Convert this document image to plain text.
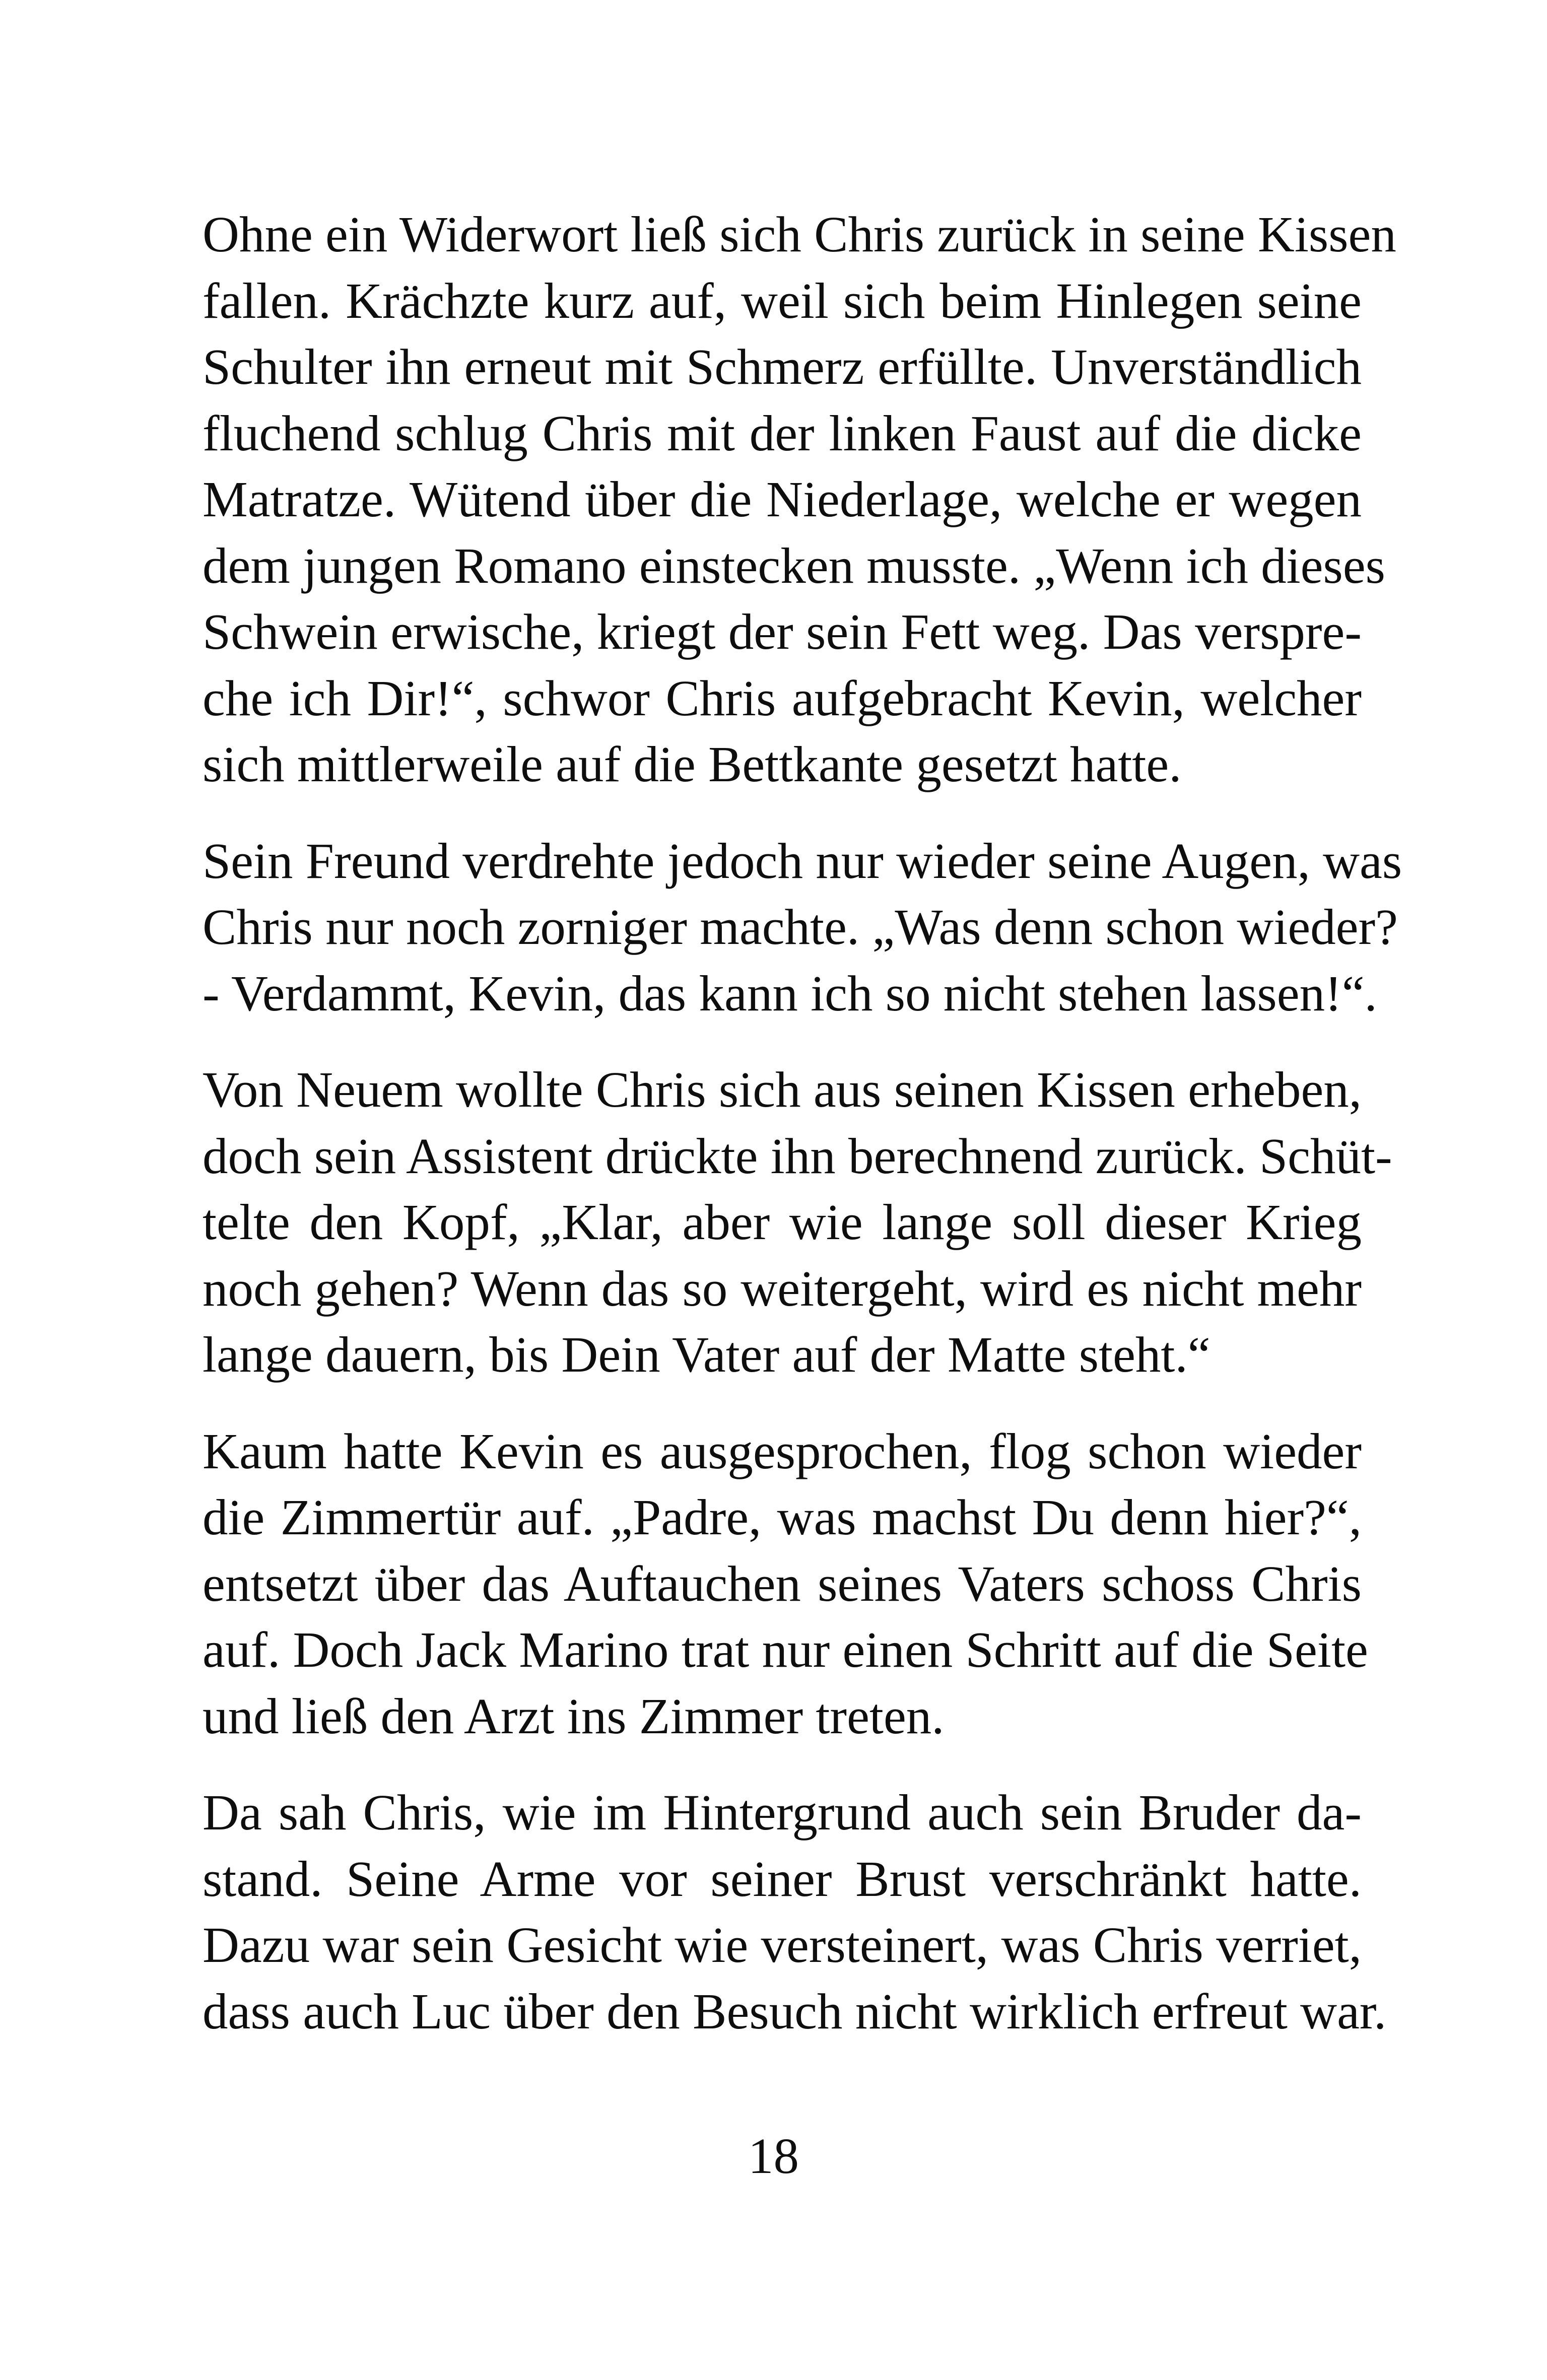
Ohne ein Widerwort ließ sich Chris zurück in seine Kissen
fallen. Krächzte kurz auf, weil sich beim Hinlegen seine
Schulter ihn erneut mit Schmerz erfüllte. Unverständlich
fluchend schlug Chris mit der linken Faust auf die dicke
Matratze. Wütend über die Niederlage, welche er wegen
dem jungen Romano einstecken musste. „Wenn ich dieses
Schwein erwische, kriegt der sein Fett weg. Das verspre-
che ich Dir!“, schwor Chris aufgebracht Kevin, welcher
sich mittlerweile auf die Bettkante gesetzt hatte.

Sein Freund verdrehte jedoch nur wieder seine Augen, was
Chris nur noch zorniger machte. „Was denn schon wieder?
- Verdammt, Kevin, das kann ich so nicht stehen lassen!“.

Von Neuem wollte Chris sich aus seinen Kissen erheben,
doch sein Assistent drückte ihn berechnend zurück. Schüt-
telte den Kopf, „Klar, aber wie lange soll dieser Krieg
noch gehen? Wenn das so weitergeht, wird es nicht mehr
lange dauern, bis Dein Vater auf der Matte steht.“

Kaum hatte Kevin es ausgesprochen, flog schon wieder
die Zimmertür auf. „Padre, was machst Du denn hier?“,
entsetzt über das Auftauchen seines Vaters schoss Chris
auf. Doch Jack Marino trat nur einen Schritt auf die Seite
und ließ den Arzt ins Zimmer treten.

Da sah Chris, wie im Hintergrund auch sein Bruder da-
stand. Seine Arme vor seiner Brust verschränkt hatte.
Dazu war sein Gesicht wie versteinert, was Chris verriet,
dass auch Luc über den Besuch nicht wirklich erfreut war.

18
